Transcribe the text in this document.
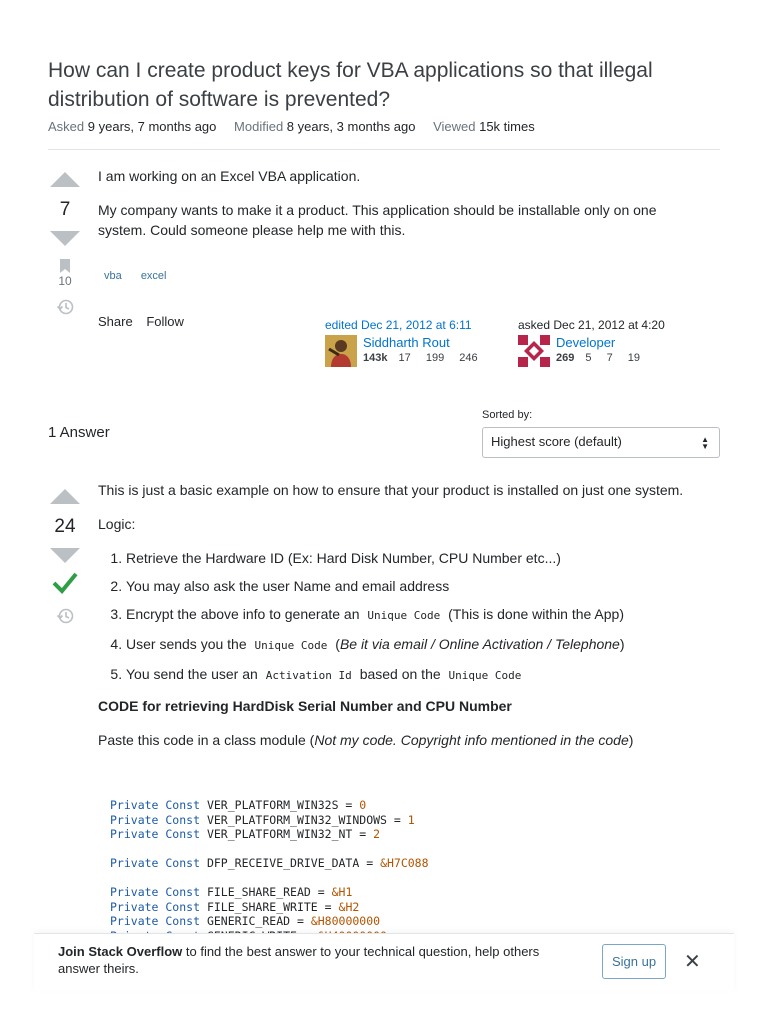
How can I create product keys for VBA applications so that illegal distribution of software is prevented?
Asked 9 years, 7 months ago Modified 8 years, 3 months ago Viewed 15k times
7
10

I am working on an Excel VBA application.

My company wants to make it a product. This application should be installable only on one system. Could someone please help me with this.

vba excel
Share Follow	edited Dec 21, 2012 at 6:11
Siddharth Rout
143k 17 199 246
asked Dec 21, 2012 at 4:20
Developer
269 5 7 19
1 Answer
Sorted by:
Highest score (default)	▲
▼
24

This is just a basic example on how to ensure that your product is installed on just one system.

Logic:

1. Retrieve the Hardware ID (Ex: Hard Disk Number, CPU Number etc...)
2. You may also ask the user Name and email address
3. Encrypt the above info to generate an Unique Code (This is done within the App)
4. User sends you the Unique Code (Be it via email / Online Activation / Telephone)
5. You send the user an Activation Id based on the Unique Code

CODE for retrieving HardDisk Serial Number and CPU Number

Paste this code in a class module (Not my code. Copyright info mentioned in the code)

Private Const VER_PLATFORM_WIN32S = 0
Private Const VER_PLATFORM_WIN32_WINDOWS = 1
Private Const VER_PLATFORM_WIN32_NT = 2
Private Const DFP_RECEIVE_DRIVE_DATA = &H7C088
Private Const FILE_SHARE_READ = &H1
Private Const FILE_SHARE_WRITE = &H2
Private Const GENERIC_READ = &H80000000

Join Stack Overflow to find the best answer to your technical question, help others answer theirs.	Sign up	✕
